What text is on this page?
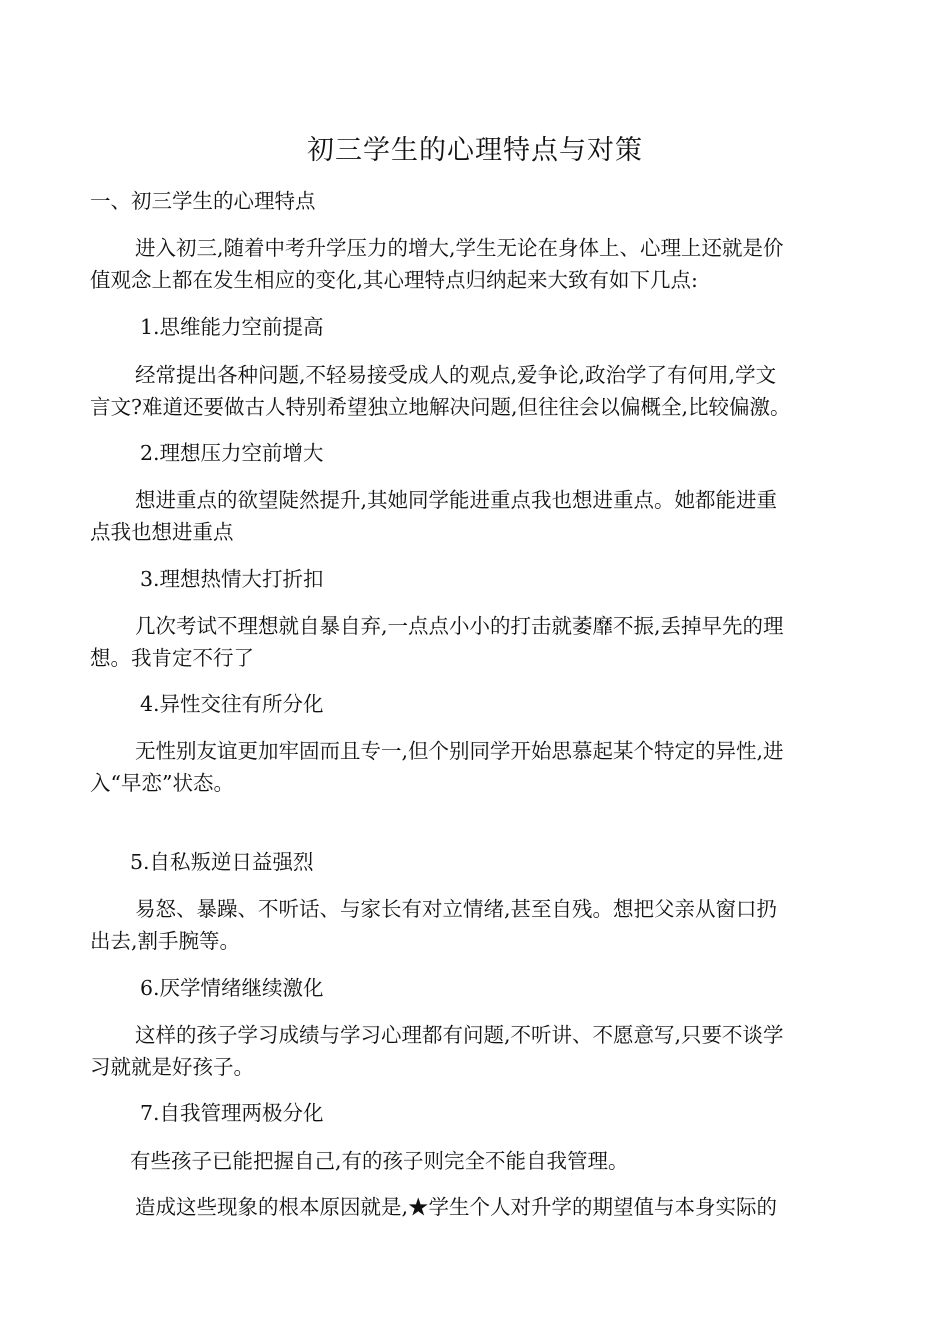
初三学生的心理特点与对策
一、初三学生的心理特点
进入初三,随着中考升学压力的增大,学生无论在身体上、心理上还就是价
值观念上都在发生相应的变化,其心理特点归纳起来大致有如下几点:
1.思维能力空前提高
经常提出各种问题,不轻易接受成人的观点,爱争论,政治学了有何用,学文
言文?难道还要做古人特别希望独立地解决问题,但往往会以偏概全,比较偏激。
2.理想压力空前增大
想进重点的欲望陡然提升,其她同学能进重点我也想进重点。她都能进重
点我也想进重点
3.理想热情大打折扣
几次考试不理想就自暴自弃,一点点小小的打击就萎靡不振,丢掉早先的理
想。我肯定不行了
4.异性交往有所分化
无性别友谊更加牢固而且专一,但个别同学开始思慕起某个特定的异性,进
入“早恋”状态。
5.自私叛逆日益强烈
易怒、暴躁、不听话、与家长有对立情绪,甚至自残。想把父亲从窗口扔
出去,割手腕等。
6.厌学情绪继续激化
这样的孩子学习成绩与学习心理都有问题,不听讲、不愿意写,只要不谈学
习就就是好孩子。
7.自我管理两极分化
有些孩子已能把握自己,有的孩子则完全不能自我管理。
造成这些现象的根本原因就是,★学生个人对升学的期望值与本身实际的
